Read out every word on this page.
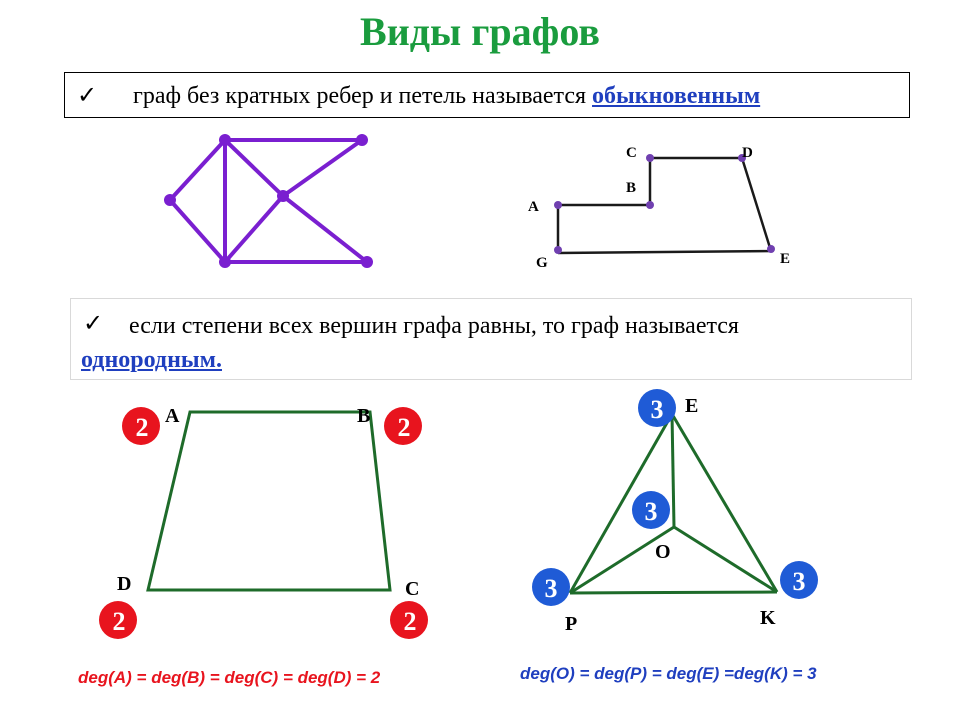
Виды графов
✓ граф без кратных ребер и петель называется обыкновенным
✓ если степени всех вершин графа равны, то граф называется
однородным.
C	D
B
A
G	E
A	B
D	C
2	2
2	2
E
O
P	K
3
3
3	3
deg(A) = deg(B) = deg(C) = deg(D) = 2	deg(O) = deg(P) = deg(E) =deg(K) = 3
